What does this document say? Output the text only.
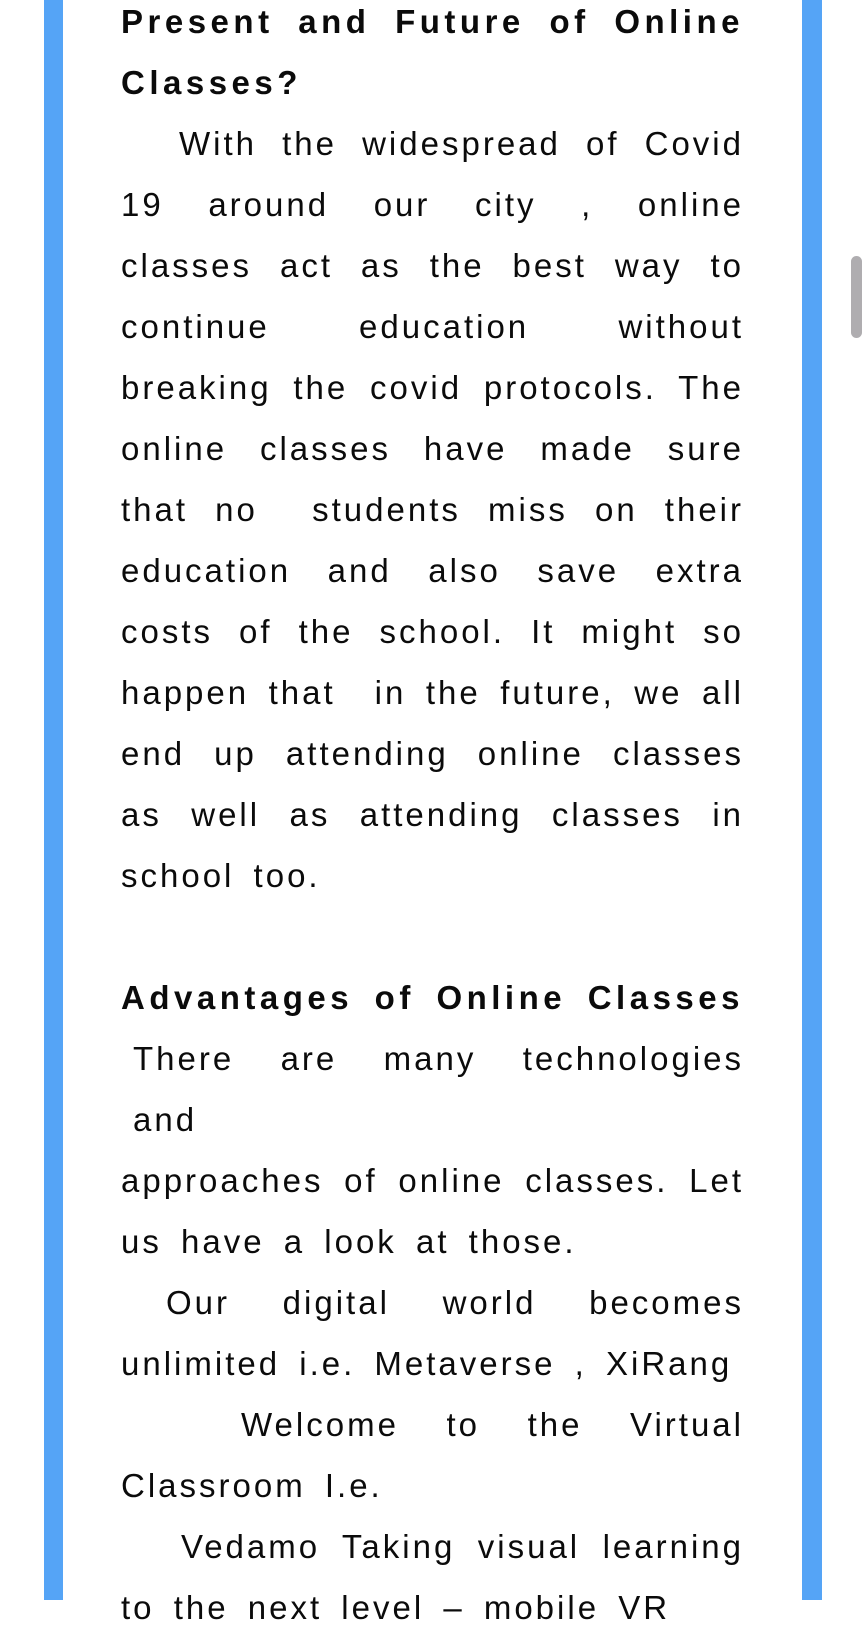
Present and Future of Online
Classes?
With the widespread of Covid
19 around our city , online
classes act as the best way to
continue education without
breaking the covid protocols. The
online classes have made sure
that no  students miss on their
education and also save extra
costs of the school. It might so
happen that  in the future, we all
end up attending online classes
as well as attending classes in
school too.
Advantages of Online Classes
There are many technologies and
approaches of online classes. Let
us have a look at those.
Our digital world becomes
unlimited i.e. Metaverse , XiRang
Welcome to the Virtual
Classroom I.e.
Vedamo Taking visual learning
to the next level – mobile VR
